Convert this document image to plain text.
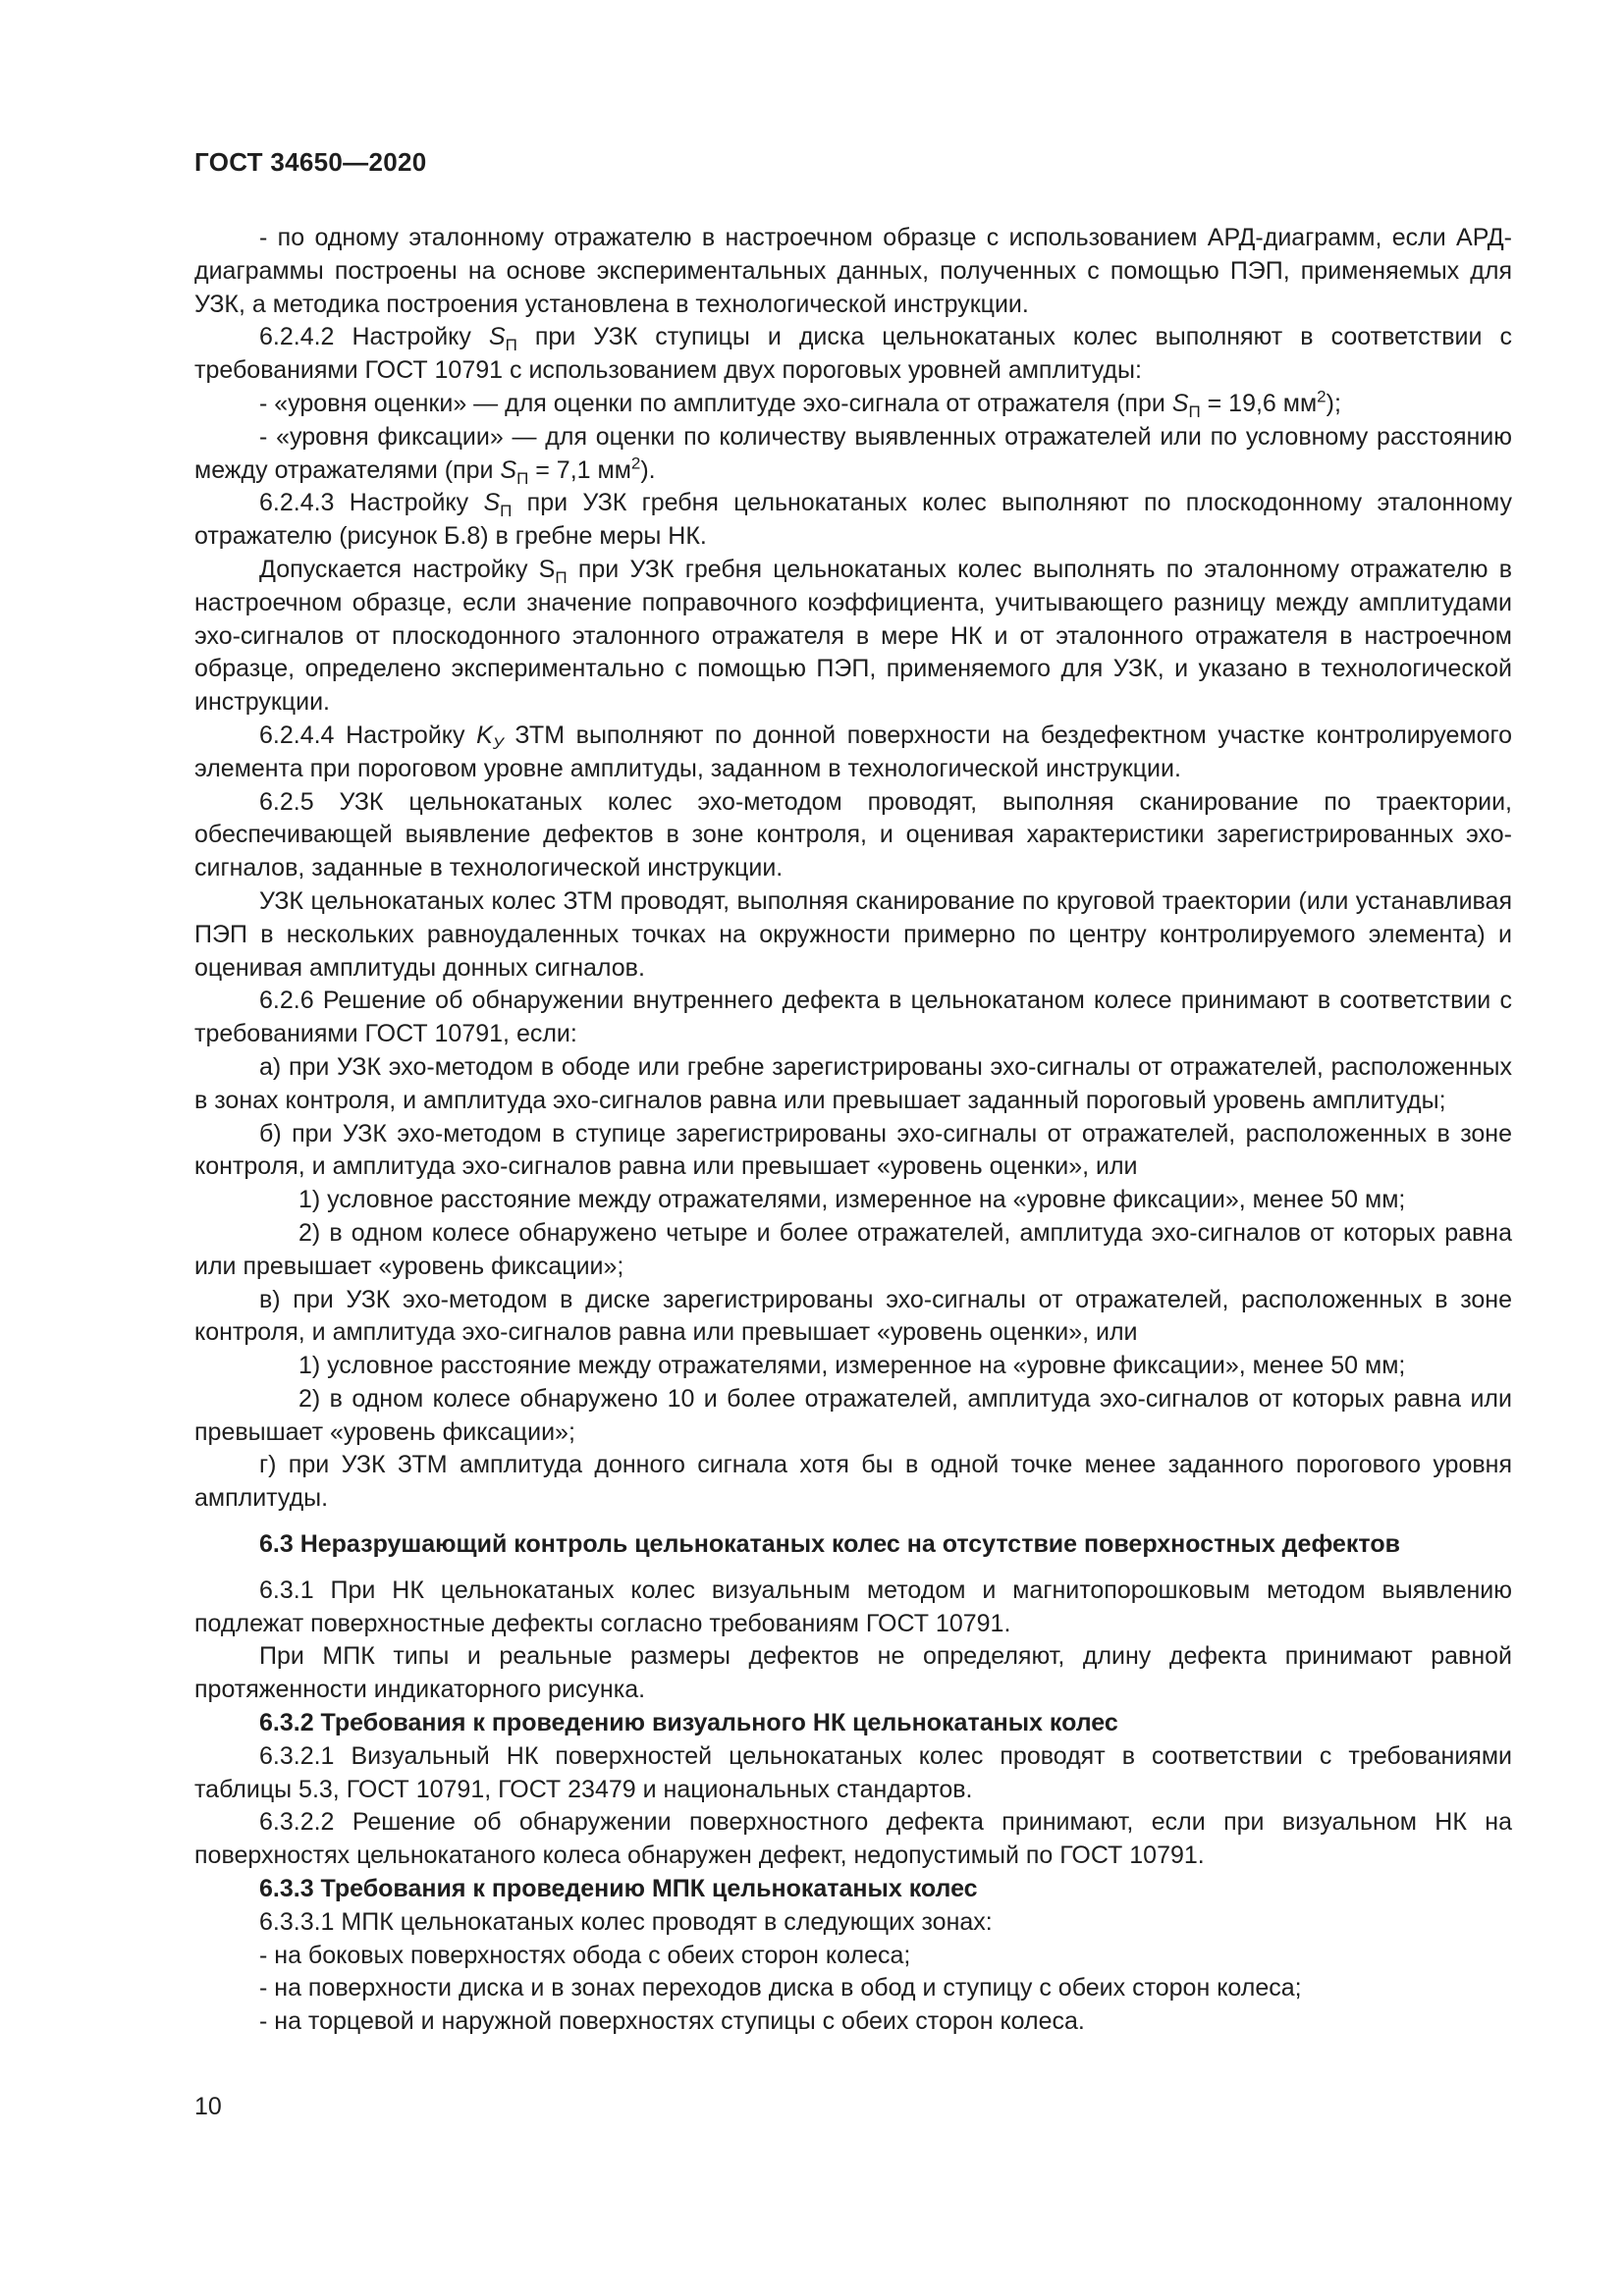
ГОСТ 34650—2020

- по одному эталонному отражателю в настроечном образце с использованием АРД-диаграмм, если АРД-диаграммы построены на основе экспериментальных данных, полученных с помощью ПЭП, применяемых для УЗК, а методика построения установлена в технологической инструкции.

6.2.4.2 Настройку $S_П$ при УЗК ступицы и диска цельнокатаных колес выполняют в соответствии с требованиями ГОСТ 10791 с использованием двух пороговых уровней амплитуды:

- «уровня оценки» — для оценки по амплитуде эхо-сигнала от отражателя (при $S_П = 19,6$ $мм^2$);

- «уровня фиксации» — для оценки по количеству выявленных отражателей или по условному расстоянию между отражателями (при $S_П = 7,1$ $мм^2$).

6.2.4.3 Настройку $S_П$ при УЗК гребня цельнокатаных колес выполняют по плоскодонному эталонному отражателю (рисунок Б.8) в гребне меры НК.

Допускается настройку $S_П$ при УЗК гребня цельнокатаных колес выполнять по эталонному отражателю в настроечном образце, если значение поправочного коэффициента, учитывающего разницу между амплитудами эхо-сигналов от плоскодонного эталонного отражателя в мере НК и от эталонного отражателя в настроечном образце, определено экспериментально с помощью ПЭП, применяемого для УЗК, и указано в технологической инструкции.

6.2.4.4 Настройку $K_У$ ЗТМ выполняют по донной поверхности на бездефектном участке контролируемого элемента при пороговом уровне амплитуды, заданном в технологической инструкции.

6.2.5 УЗК цельнокатаных колес эхо-методом проводят, выполняя сканирование по траектории, обеспечивающей выявление дефектов в зоне контроля, и оценивая характеристики зарегистрированных эхо-сигналов, заданные в технологической инструкции.

УЗК цельнокатаных колес ЗТМ проводят, выполняя сканирование по круговой траектории (или устанавливая ПЭП в нескольких равноудаленных точках на окружности примерно по центру контролируемого элемента) и оценивая амплитуды донных сигналов.

6.2.6 Решение об обнаружении внутреннего дефекта в цельнокатаном колесе принимают в соответствии с требованиями ГОСТ 10791, если:

а) при УЗК эхо-методом в ободе или гребне зарегистрированы эхо-сигналы от отражателей, расположенных в зонах контроля, и амплитуда эхо-сигналов равна или превышает заданный пороговый уровень амплитуды;

б) при УЗК эхо-методом в ступице зарегистрированы эхо-сигналы от отражателей, расположенных в зоне контроля, и амплитуда эхо-сигналов равна или превышает «уровень оценки», или

1) условное расстояние между отражателями, измеренное на «уровне фиксации», менее 50 мм;

2) в одном колесе обнаружено четыре и более отражателей, амплитуда эхо-сигналов от которых равна или превышает «уровень фиксации»;

в) при УЗК эхо-методом в диске зарегистрированы эхо-сигналы от отражателей, расположенных в зоне контроля, и амплитуда эхо-сигналов равна или превышает «уровень оценки», или

1) условное расстояние между отражателями, измеренное на «уровне фиксации», менее 50 мм;

2) в одном колесе обнаружено 10 и более отражателей, амплитуда эхо-сигналов от которых равна или превышает «уровень фиксации»;

г) при УЗК ЗТМ амплитуда донного сигнала хотя бы в одной точке менее заданного порогового уровня амплитуды.

6.3 Неразрушающий контроль цельнокатаных колес на отсутствие поверхностных дефектов

6.3.1 При НК цельнокатаных колес визуальным методом и магнитопорошковым методом выявлению подлежат поверхностные дефекты согласно требованиям ГОСТ 10791.

При МПК типы и реальные размеры дефектов не определяют, длину дефекта принимают равной протяженности индикаторного рисунка.

6.3.2 Требования к проведению визуального НК цельнокатаных колес

6.3.2.1 Визуальный НК поверхностей цельнокатаных колес проводят в соответствии с требованиями таблицы 5.3, ГОСТ 10791, ГОСТ 23479 и национальных стандартов.

6.3.2.2 Решение об обнаружении поверхностного дефекта принимают, если при визуальном НК на поверхностях цельнокатаного колеса обнаружен дефект, недопустимый по ГОСТ 10791.

6.3.3 Требования к проведению МПК цельнокатаных колес

6.3.3.1 МПК цельнокатаных колес проводят в следующих зонах:

- на боковых поверхностях обода с обеих сторон колеса;

- на поверхности диска и в зонах переходов диска в обод и ступицу с обеих сторон колеса;

- на торцевой и наружной поверхностях ступицы с обеих сторон колеса.

10
